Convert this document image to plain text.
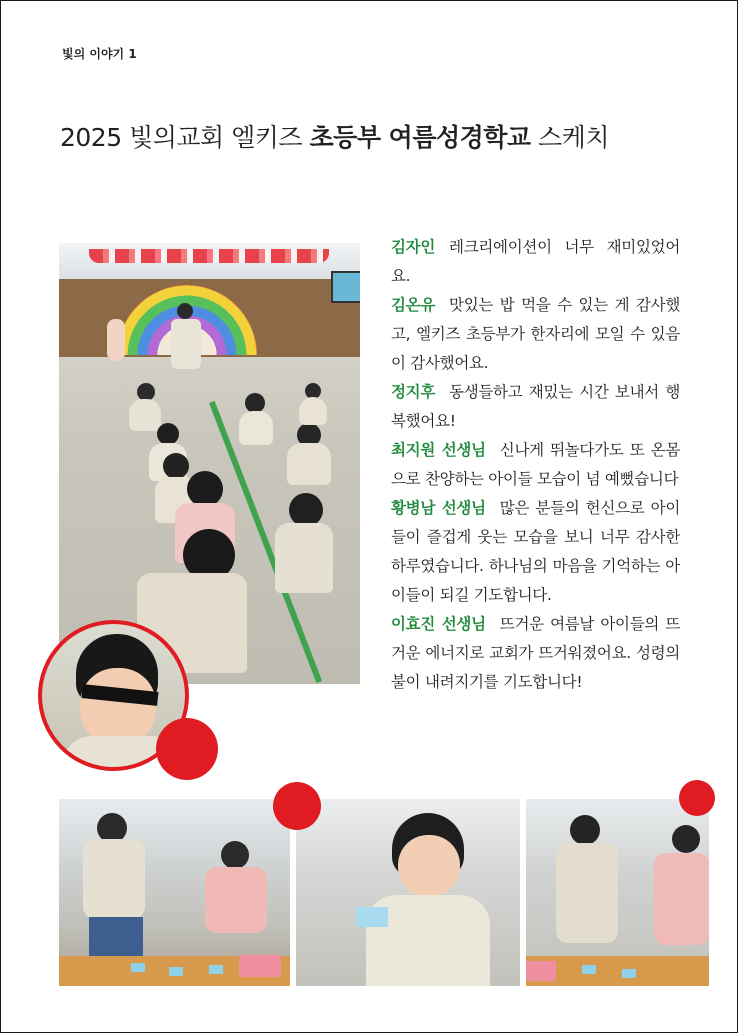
빛의 이야기 1
2025 빛의교회 엘키즈 초등부 여름성경학교 스케치

김자인 레크리에이션이 너무 재미있었어요.

김온유 맛있는 밥 먹을 수 있는 게 감사했고, 엘키즈 초등부가 한자리에 모일 수 있음이 감사했어요.

정지후 동생들하고 재밌는 시간 보내서 행복했어요!

최지원 선생님 신나게 뛰놀다가도 또 온몸으로 찬양하는 아이들 모습이 넘 예뻤습니다

황병남 선생님 많은 분들의 헌신으로 아이들이 즐겁게 웃는 모습을 보니 너무 감사한 하루였습니다. 하나님의 마음을 기억하는 아이들이 되길 기도합니다.

이효진 선생님 뜨거운 여름날 아이들의 뜨거운 에너지로 교회가 뜨거워졌어요. 성령의 불이 내려지기를 기도합니다!
